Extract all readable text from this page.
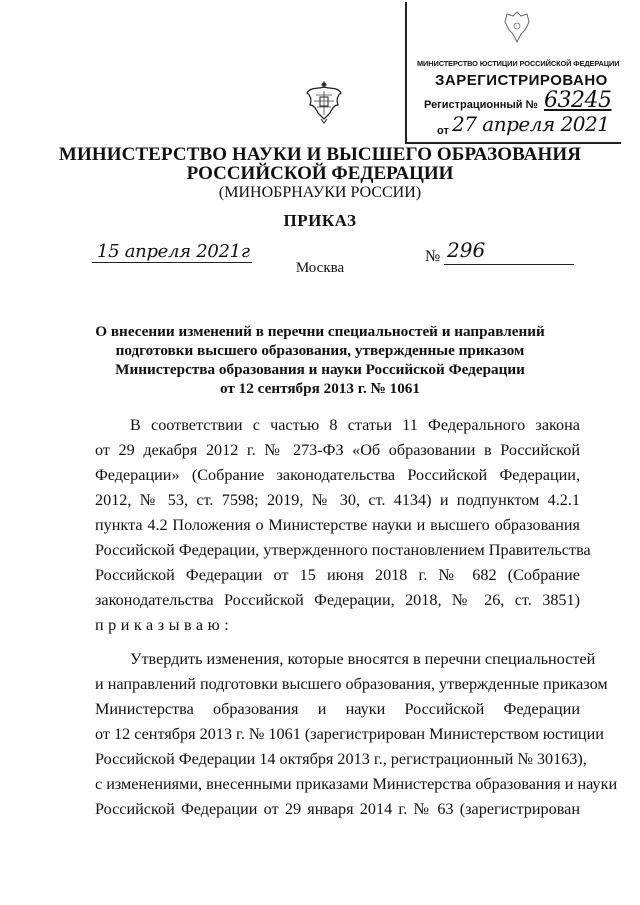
МИНИСТЕРСТВО ЮСТИЦИИ РОССИЙСКОЙ ФЕДЕРАЦИИ
ЗАРЕГИСТРИРОВАНО
Регистрационный № 63245
от 27 апреля 2021
МИНИСТЕРСТВО НАУКИ И ВЫСШЕГО ОБРАЗОВАНИЯ
РОССИЙСКОЙ ФЕДЕРАЦИИ
(МИНОБРНАУКИ РОССИИ)
ПРИКАЗ
15 апреля 2021г	№ 296
Москва
О внесении изменений в перечни специальностей и направлений
подготовки высшего образования, утвержденные приказом
Министерства образования и науки Российской Федерации
от 12 сентября 2013 г. № 1061
В соответствии с частью 8 статьи 11 Федерального закона
от 29 декабря 2012 г. № 273-ФЗ «Об образовании в Российской
Федерации» (Собрание законодательства Российской Федерации,
2012, № 53, ст. 7598; 2019, № 30, ст. 4134) и подпунктом 4.2.1
пункта 4.2 Положения о Министерстве науки и высшего образования
Российской Федерации, утвержденного постановлением Правительства
Российской Федерации от 15 июня 2018 г. № 682 (Собрание
законодательства Российской Федерации, 2018, № 26, ст. 3851)
приказываю:
Утвердить изменения, которые вносятся в перечни специальностей
и направлений подготовки высшего образования, утвержденные приказом
Министерства образования и науки Российской Федерации
от 12 сентября 2013 г. № 1061 (зарегистрирован Министерством юстиции
Российской Федерации 14 октября 2013 г., регистрационный № 30163),
с изменениями, внесенными приказами Министерства образования и науки
Российской Федерации от 29 января 2014 г. № 63 (зарегистрирован
